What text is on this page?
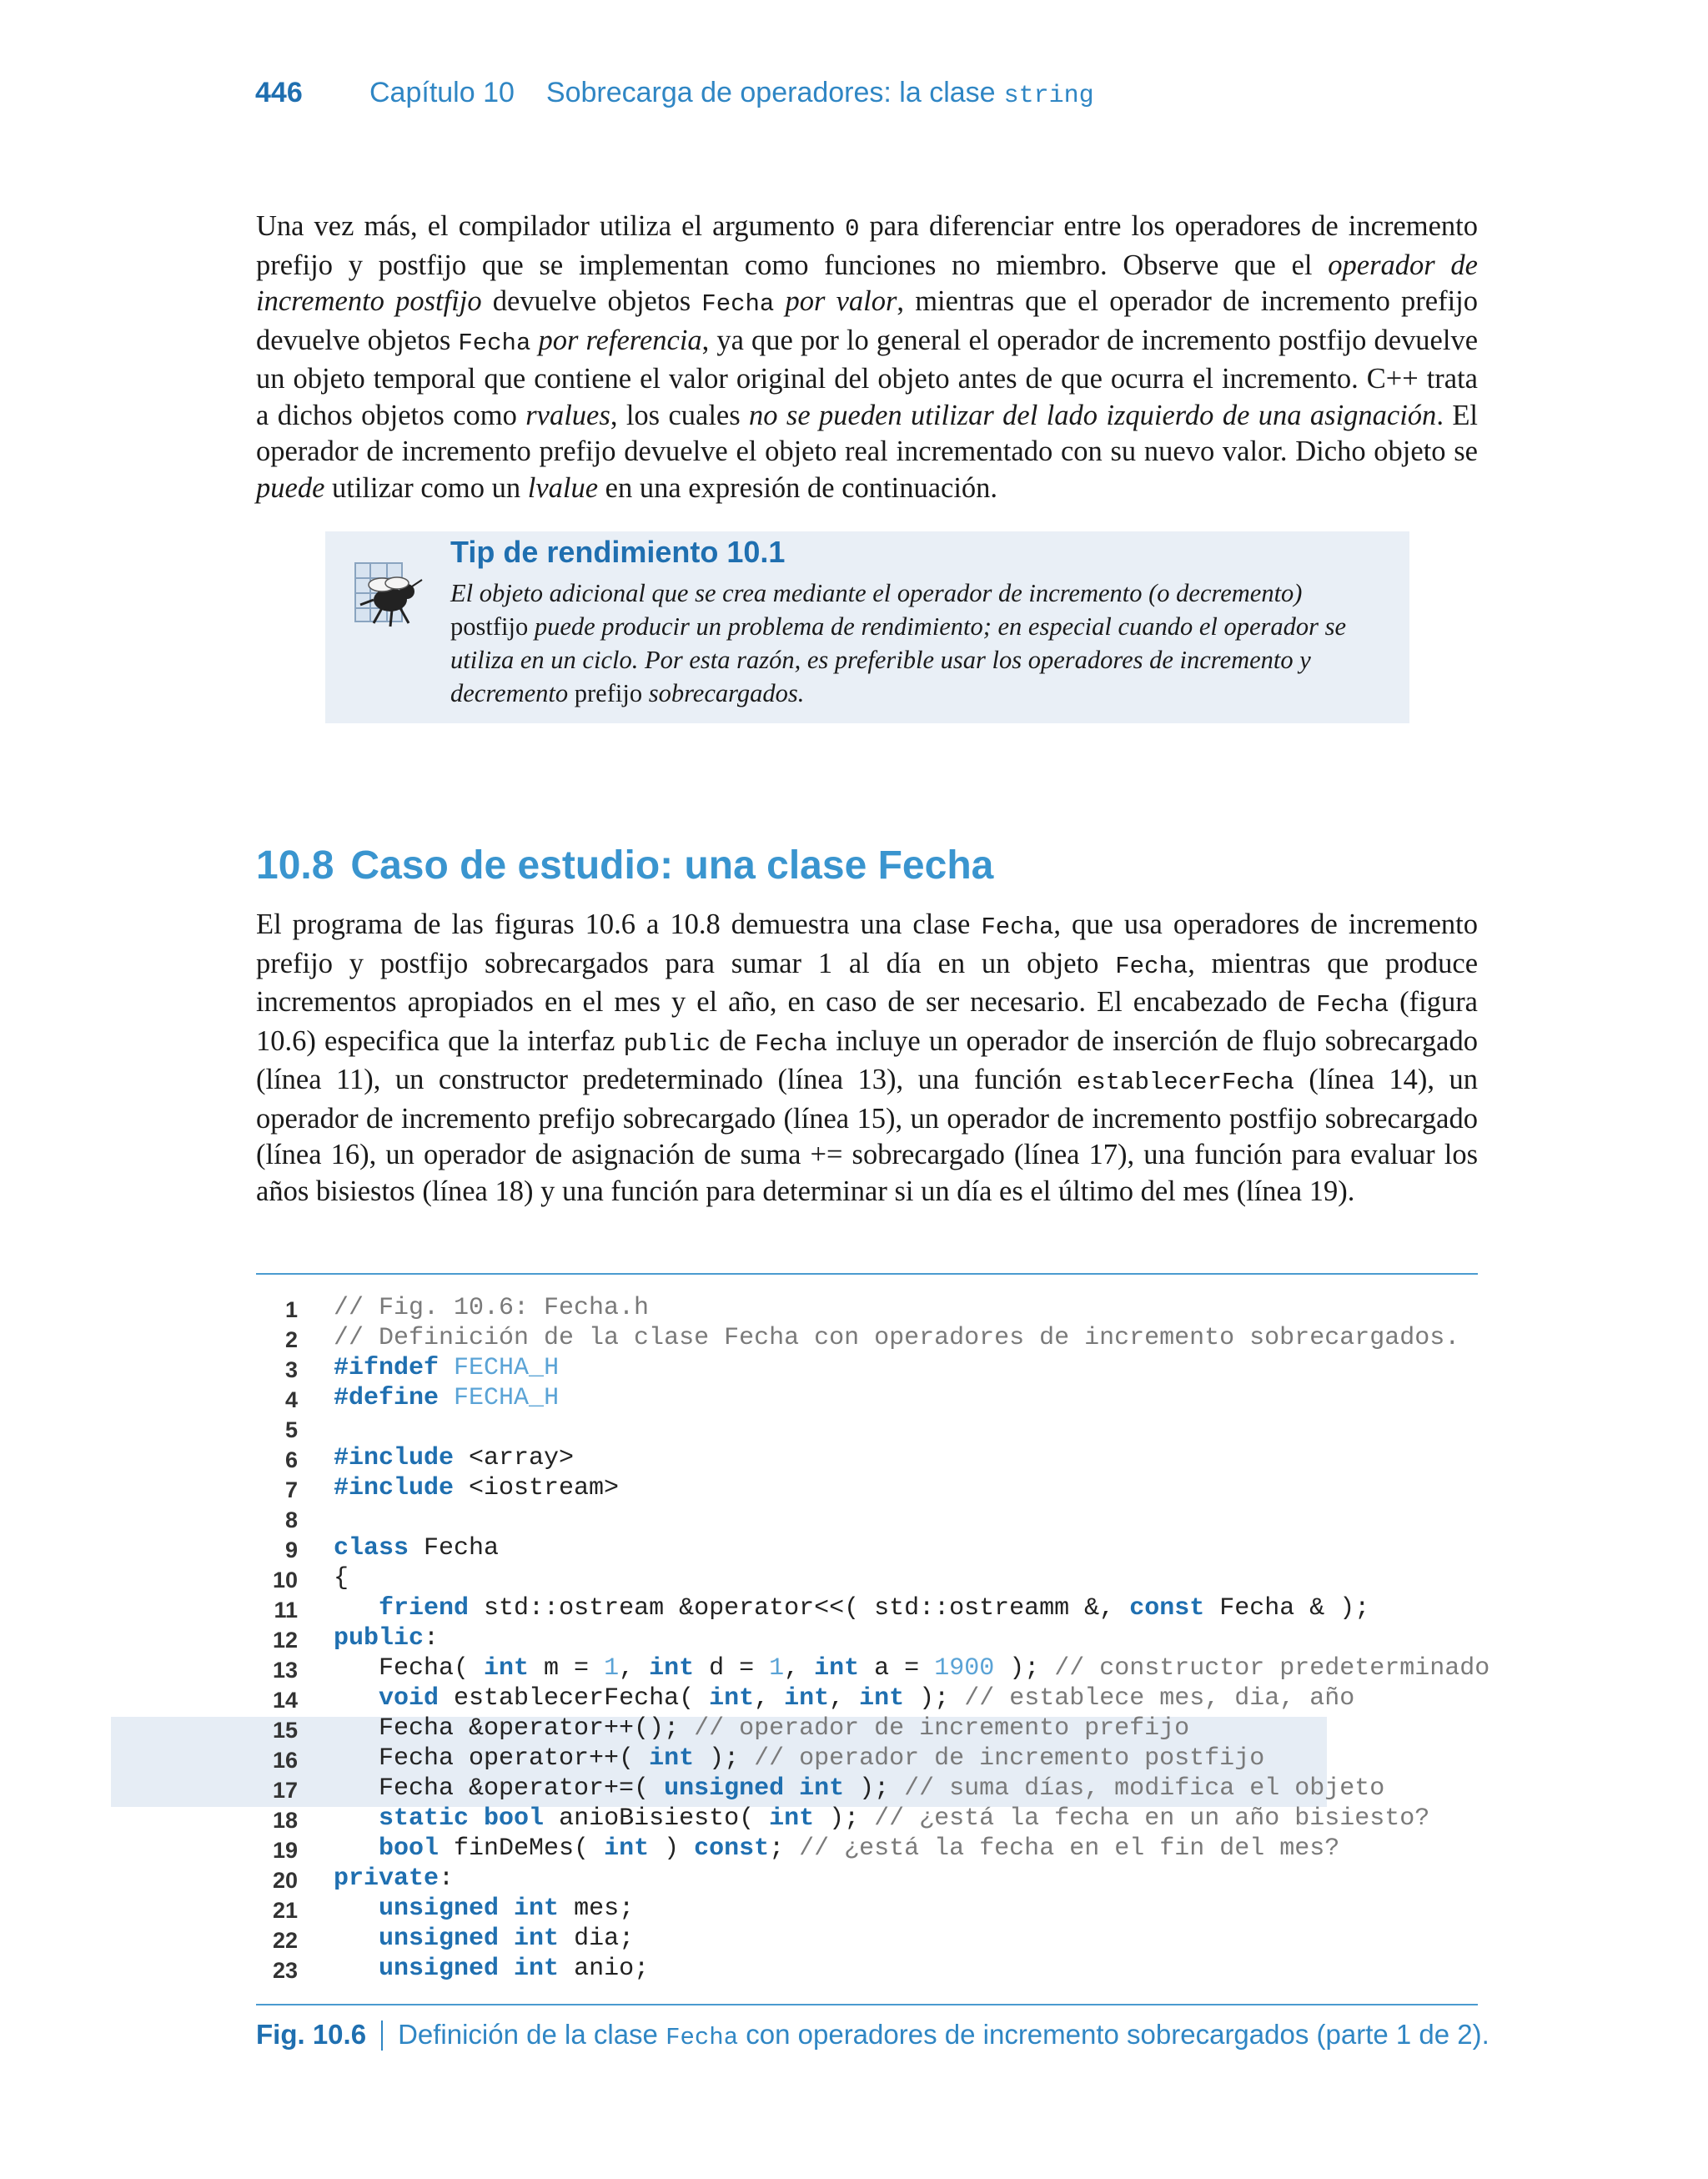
446	Capítulo 10 Sobrecarga de operadores: la clase string
Una vez más, el compilador utiliza el argumento 0 para diferenciar entre los operadores de incremento prefijo y postfijo que se implementan como funciones no miembro. Observe que el operador de incremento postfijo devuelve objetos Fecha por valor, mientras que el operador de incremento prefijo devuelve objetos Fecha por referencia, ya que por lo general el operador de incremento postfijo devuelve un objeto temporal que contiene el valor original del objeto antes de que ocurra el incremento. C++ trata a dichos objetos como rvalues, los cuales no se pueden utilizar del lado izquierdo de una asignación. El operador de incremento prefijo devuelve el objeto real incrementado con su nuevo valor. Dicho objeto se puede utilizar como un lvalue en una expresión de continuación.
Tip de rendimiento 10.1
El objeto adicional que se crea mediante el operador de incremento (o decremento) postfijo puede producir un problema de rendimiento; en especial cuando el operador se utiliza en un ciclo. Por esta razón, es preferible usar los operadores de incremento y decremento prefijo sobrecargados.
10.8 Caso de estudio: una clase Fecha
El programa de las figuras 10.6 a 10.8 demuestra una clase Fecha, que usa operadores de incremento prefijo y postfijo sobrecargados para sumar 1 al día en un objeto Fecha, mientras que produce incrementos apropiados en el mes y el año, en caso de ser necesario. El encabezado de Fecha (figura 10.6) especifica que la interfaz public de Fecha incluye un operador de inserción de flujo sobrecargado (línea 11), un constructor predeterminado (línea 13), una función establecerFecha (línea 14), un operador de incremento prefijo sobrecargado (línea 15), un operador de incremento postfijo sobrecargado (línea 16), un operador de asignación de suma += sobrecargado (línea 17), una función para evaluar los años bisiestos (línea 18) y una función para determinar si un día es el último del mes (línea 19).
1 // Fig. 10.6: Fecha.h
2 // Definición de la clase Fecha con operadores de incremento sobrecargados.
3 #ifndef FECHA_H
4 #define FECHA_H
5
6 #include <array>
7 #include <iostream>
8
9 class Fecha
10 {
11	friend std::ostream &operator<<( std::ostreamm &, const Fecha & );
12 public:
13 Fecha( int m = 1, int d = 1, int a = 1900 ); // constructor predeterminado
14	void establecerFecha( int, int, int ); // establece mes, dia, año
15 Fecha &operator++(); // operador de incremento prefijo
16 Fecha operator++( int ); // operador de incremento postfijo
17 Fecha &operator+=( unsigned int ); // suma días, modifica el objeto
18	static bool anioBisiesto( int ); // ¿está la fecha en un año bisiesto?
19	bool finDeMes( int ) const; // ¿está la fecha en el fin del mes?
20 private:
21	unsigned int mes;
22	unsigned int dia;
23	unsigned int anio;
Fig. 10.6 Definición de la clase Fecha con operadores de incremento sobrecargados (parte 1 de 2).
